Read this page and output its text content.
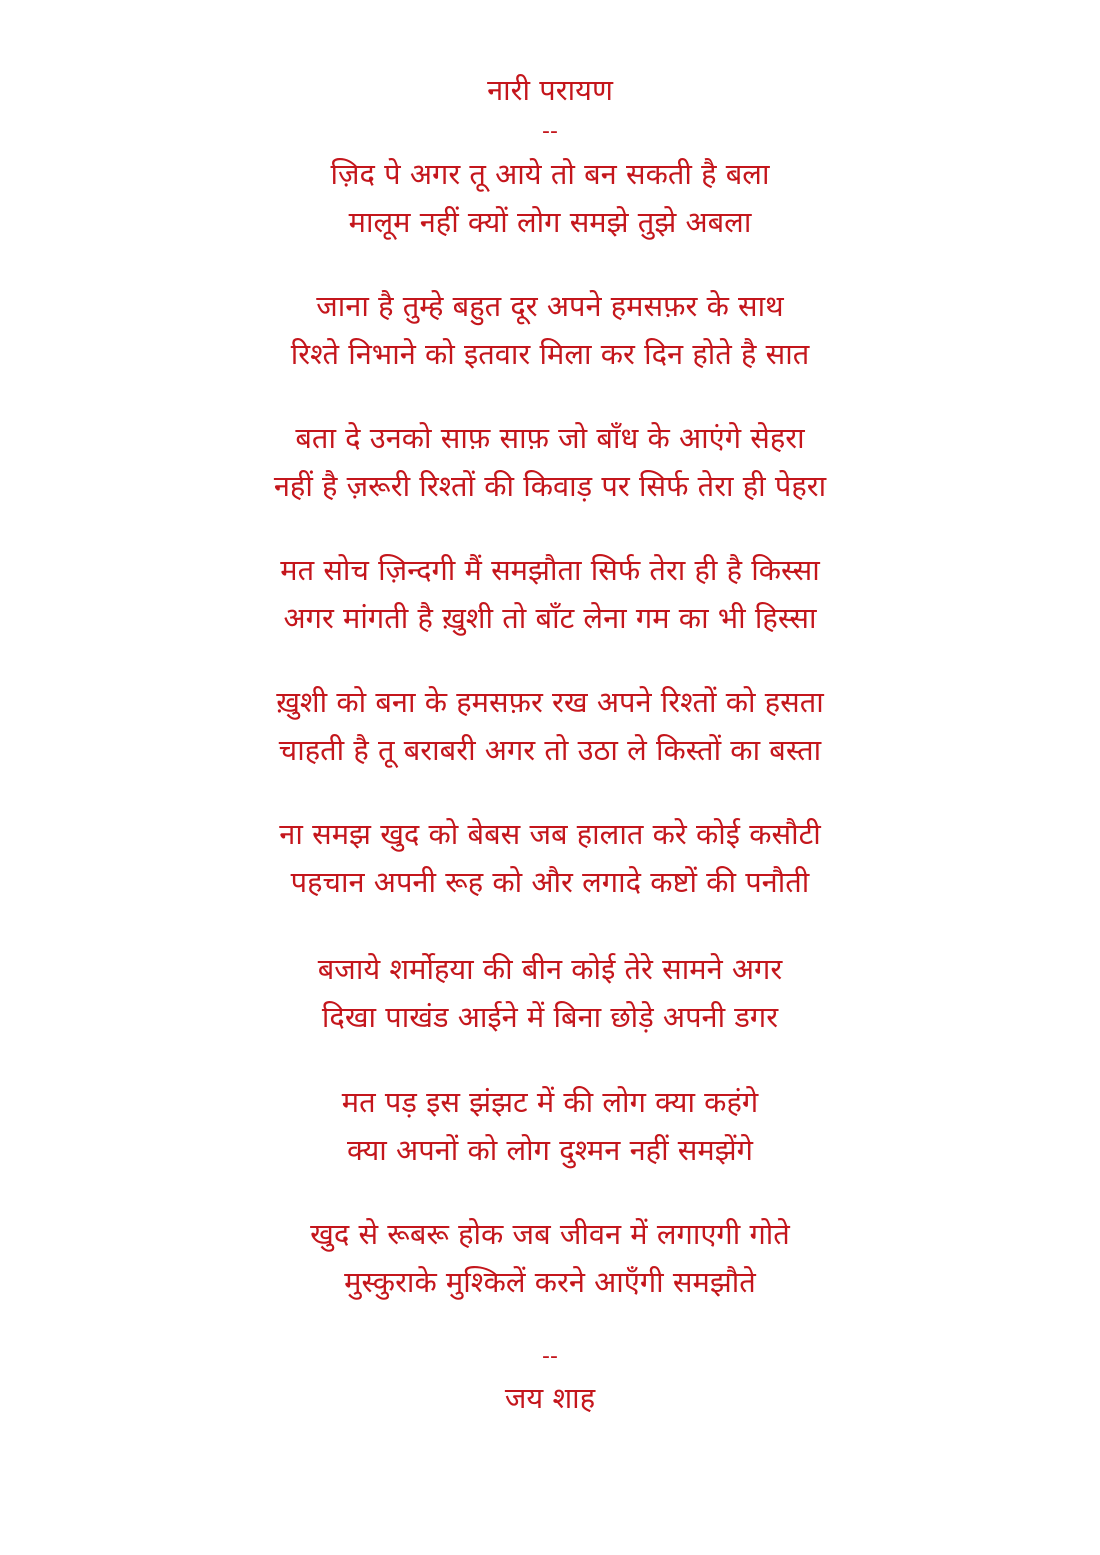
नारी परायण
--
ज़िद पे अगर तू आये तो बन सकती है बला
मालूम नहीं क्यों लोग समझे तुझे अबला
जाना है तुम्हे बहुत दूर अपने हमसफ़र के साथ
रिश्ते निभाने को इतवार मिला कर दिन होते है सात
बता दे उनको साफ़ साफ़ जो बाँध के आएंगे सेहरा
नहीं है ज़रूरी रिश्तों की किवाड़ पर सिर्फ तेरा ही पेहरा
मत सोच ज़िन्दगी मैं समझौता सिर्फ तेरा ही है किस्सा
अगर मांगती है ख़ुशी तो बाँट लेना गम का भी हिस्सा
ख़ुशी को बना के हमसफ़र रख अपने रिश्तों को हसता
चाहती है तू बराबरी अगर तो उठा ले किस्तों का बस्ता
ना समझ खुद को बेबस जब हालात करे कोई कसौटी
पहचान अपनी रूह को और लगादे कष्टों की पनौती
बजाये शर्मोहया की बीन कोई तेरे सामने अगर
दिखा पाखंड आईने में बिना छोड़े अपनी डगर
मत पड़ इस झंझट में की लोग क्या कहंगे
क्या अपनों को लोग दुश्मन नहीं समझेंगे
खुद से रूबरू होक जब जीवन में लगाएगी गोते
मुस्कुराके मुश्किलें करने आएँगी समझौते
--
जय शाह
